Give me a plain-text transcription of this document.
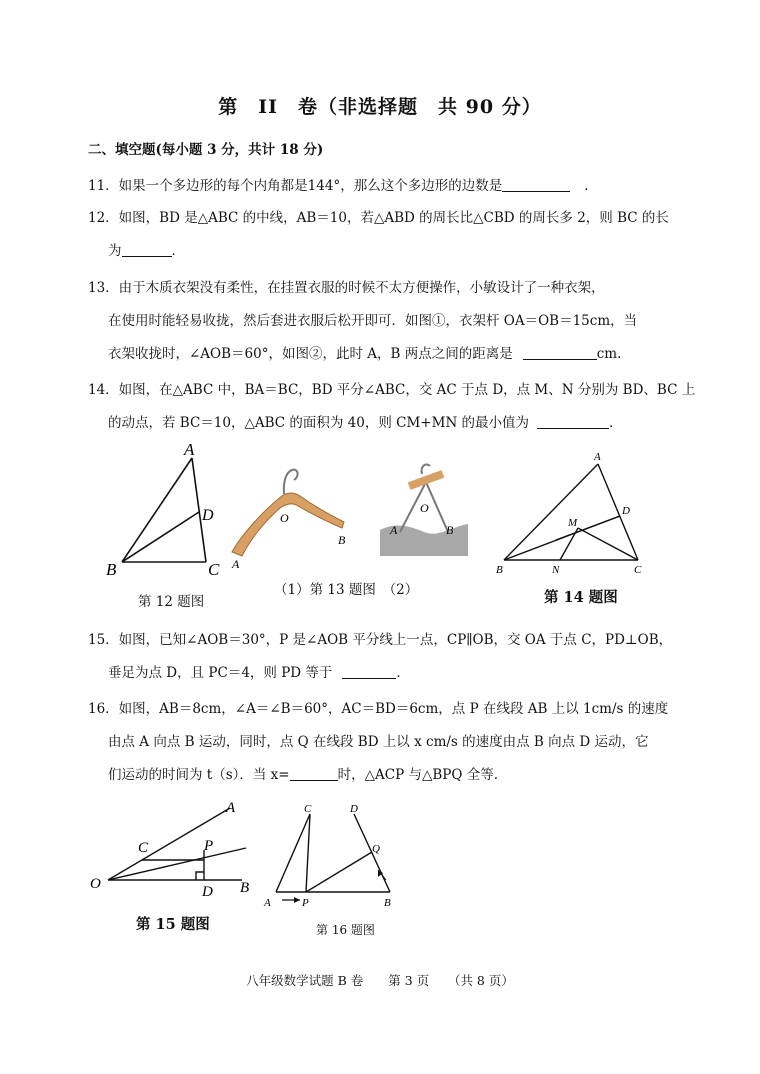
第　II　卷（非选择题　共 90 分）
二、填空题(每小题 3 分，共计 18 分)
11．如果一个多边形的每个内角都是144°，那么这个多边形的边数是	．
12．如图，BD 是△ABC 的中线，AB＝10，若△ABD 的周长比△CBD 的周长多 2，则 BC 的长
为	．
13．由于木质衣架没有柔性，在挂置衣服的时候不太方便操作，小敏设计了一种衣架，
在使用时能轻易收拢，然后套进衣服后松开即可．如图①，衣架杆 OA＝OB＝15cm，当
衣架收拢时，∠AOB＝60°，如图②，此时 A，B 两点之间的距离是	cm.
14．如图，在△ABC 中，BA＝BC，BD 平分∠ABC，交 AC 于点 D，点 M、N 分别为 BD、BC 上
的动点，若 BC＝10，△ABC 的面积为 40，则 CM+MN 的最小值为	．
A
B	C
D
第 12 题图
O
A
B
O
A	B
（1）第 13 题图　（2）
A
B	C
D
M
N
第 14 题图
15．如图，已知∠AOB＝30°，P 是∠AOB 平分线上一点，CP∥OB，交 OA 于点 C，PD⊥OB，
垂足为点 D，且 PC＝4，则 PD 等于	．
16．如图，AB＝8cm，∠A＝∠B＝60°，AC＝BD＝6cm，点 P 在线段 AB 上以 1cm/s 的速度
由点 A 向点 B 运动，同时，点 Q 在线段 BD 上以 x cm/s 的速度由点 B 向点 D 运动，它
们运动的时间为 t（s）．当 x=	时，△ACP 与△BPQ 全等.
A
B
C
D
O
P
第 15 题图
C	D
A	B
P
Q
第 16 题图
八年级数学试题 B 卷　　第 3 页　　（共 8 页）
